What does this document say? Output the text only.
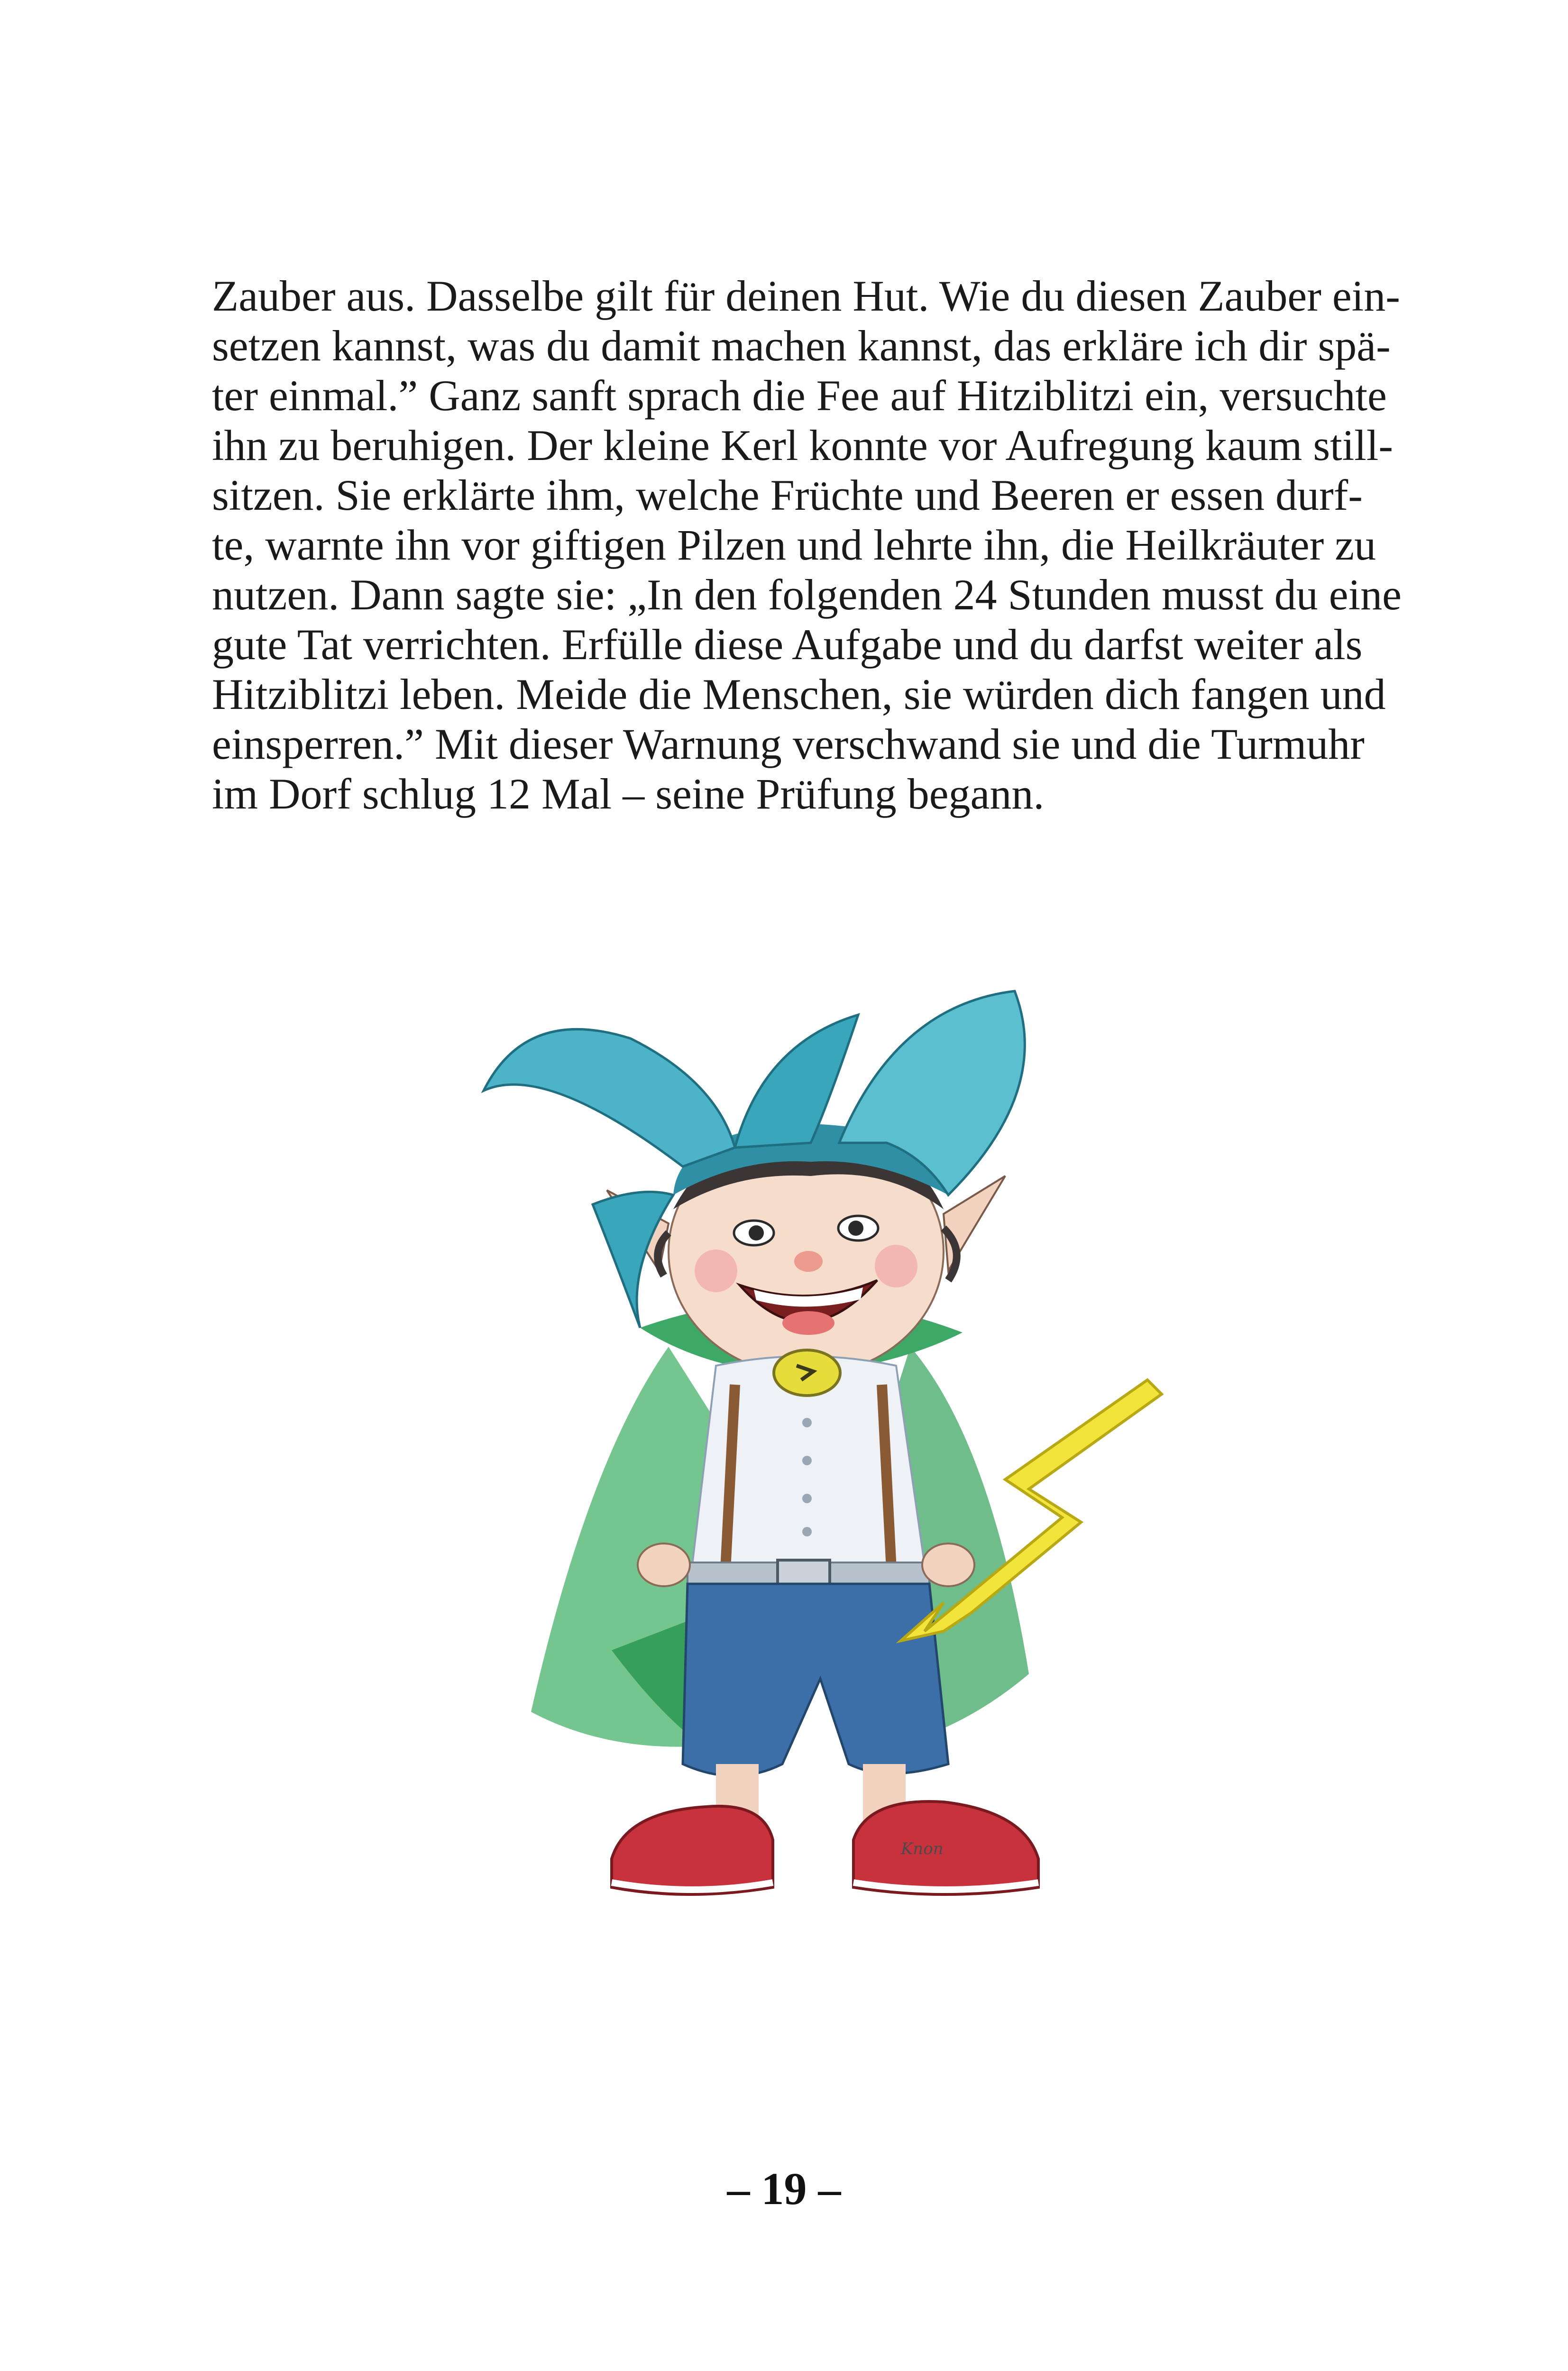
Zauber aus. Dasselbe gilt für deinen Hut. Wie du diesen Zauber ein-
setzen kannst, was du damit machen kannst, das erkläre ich dir spä-
ter einmal.” Ganz sanft sprach die Fee auf Hitziblitzi ein, versuchte
ihn zu beruhigen. Der kleine Kerl konnte vor Aufregung kaum still-
sitzen. Sie erklärte ihm, welche Früchte und Beeren er essen durf-
te, warnte ihn vor giftigen Pilzen und lehrte ihn, die Heilkräuter zu
nutzen. Dann sagte sie: „In den folgenden 24 Stunden musst du eine
gute Tat verrichten. Erfülle diese Aufgabe und du darfst weiter als
Hitziblitzi leben. Meide die Menschen, sie würden dich fangen und
einsperren.” Mit dieser Warnung verschwand sie und die Turmuhr
im Dorf schlug 12 Mal – seine Prüfung begann.
Knon
– 19 –
